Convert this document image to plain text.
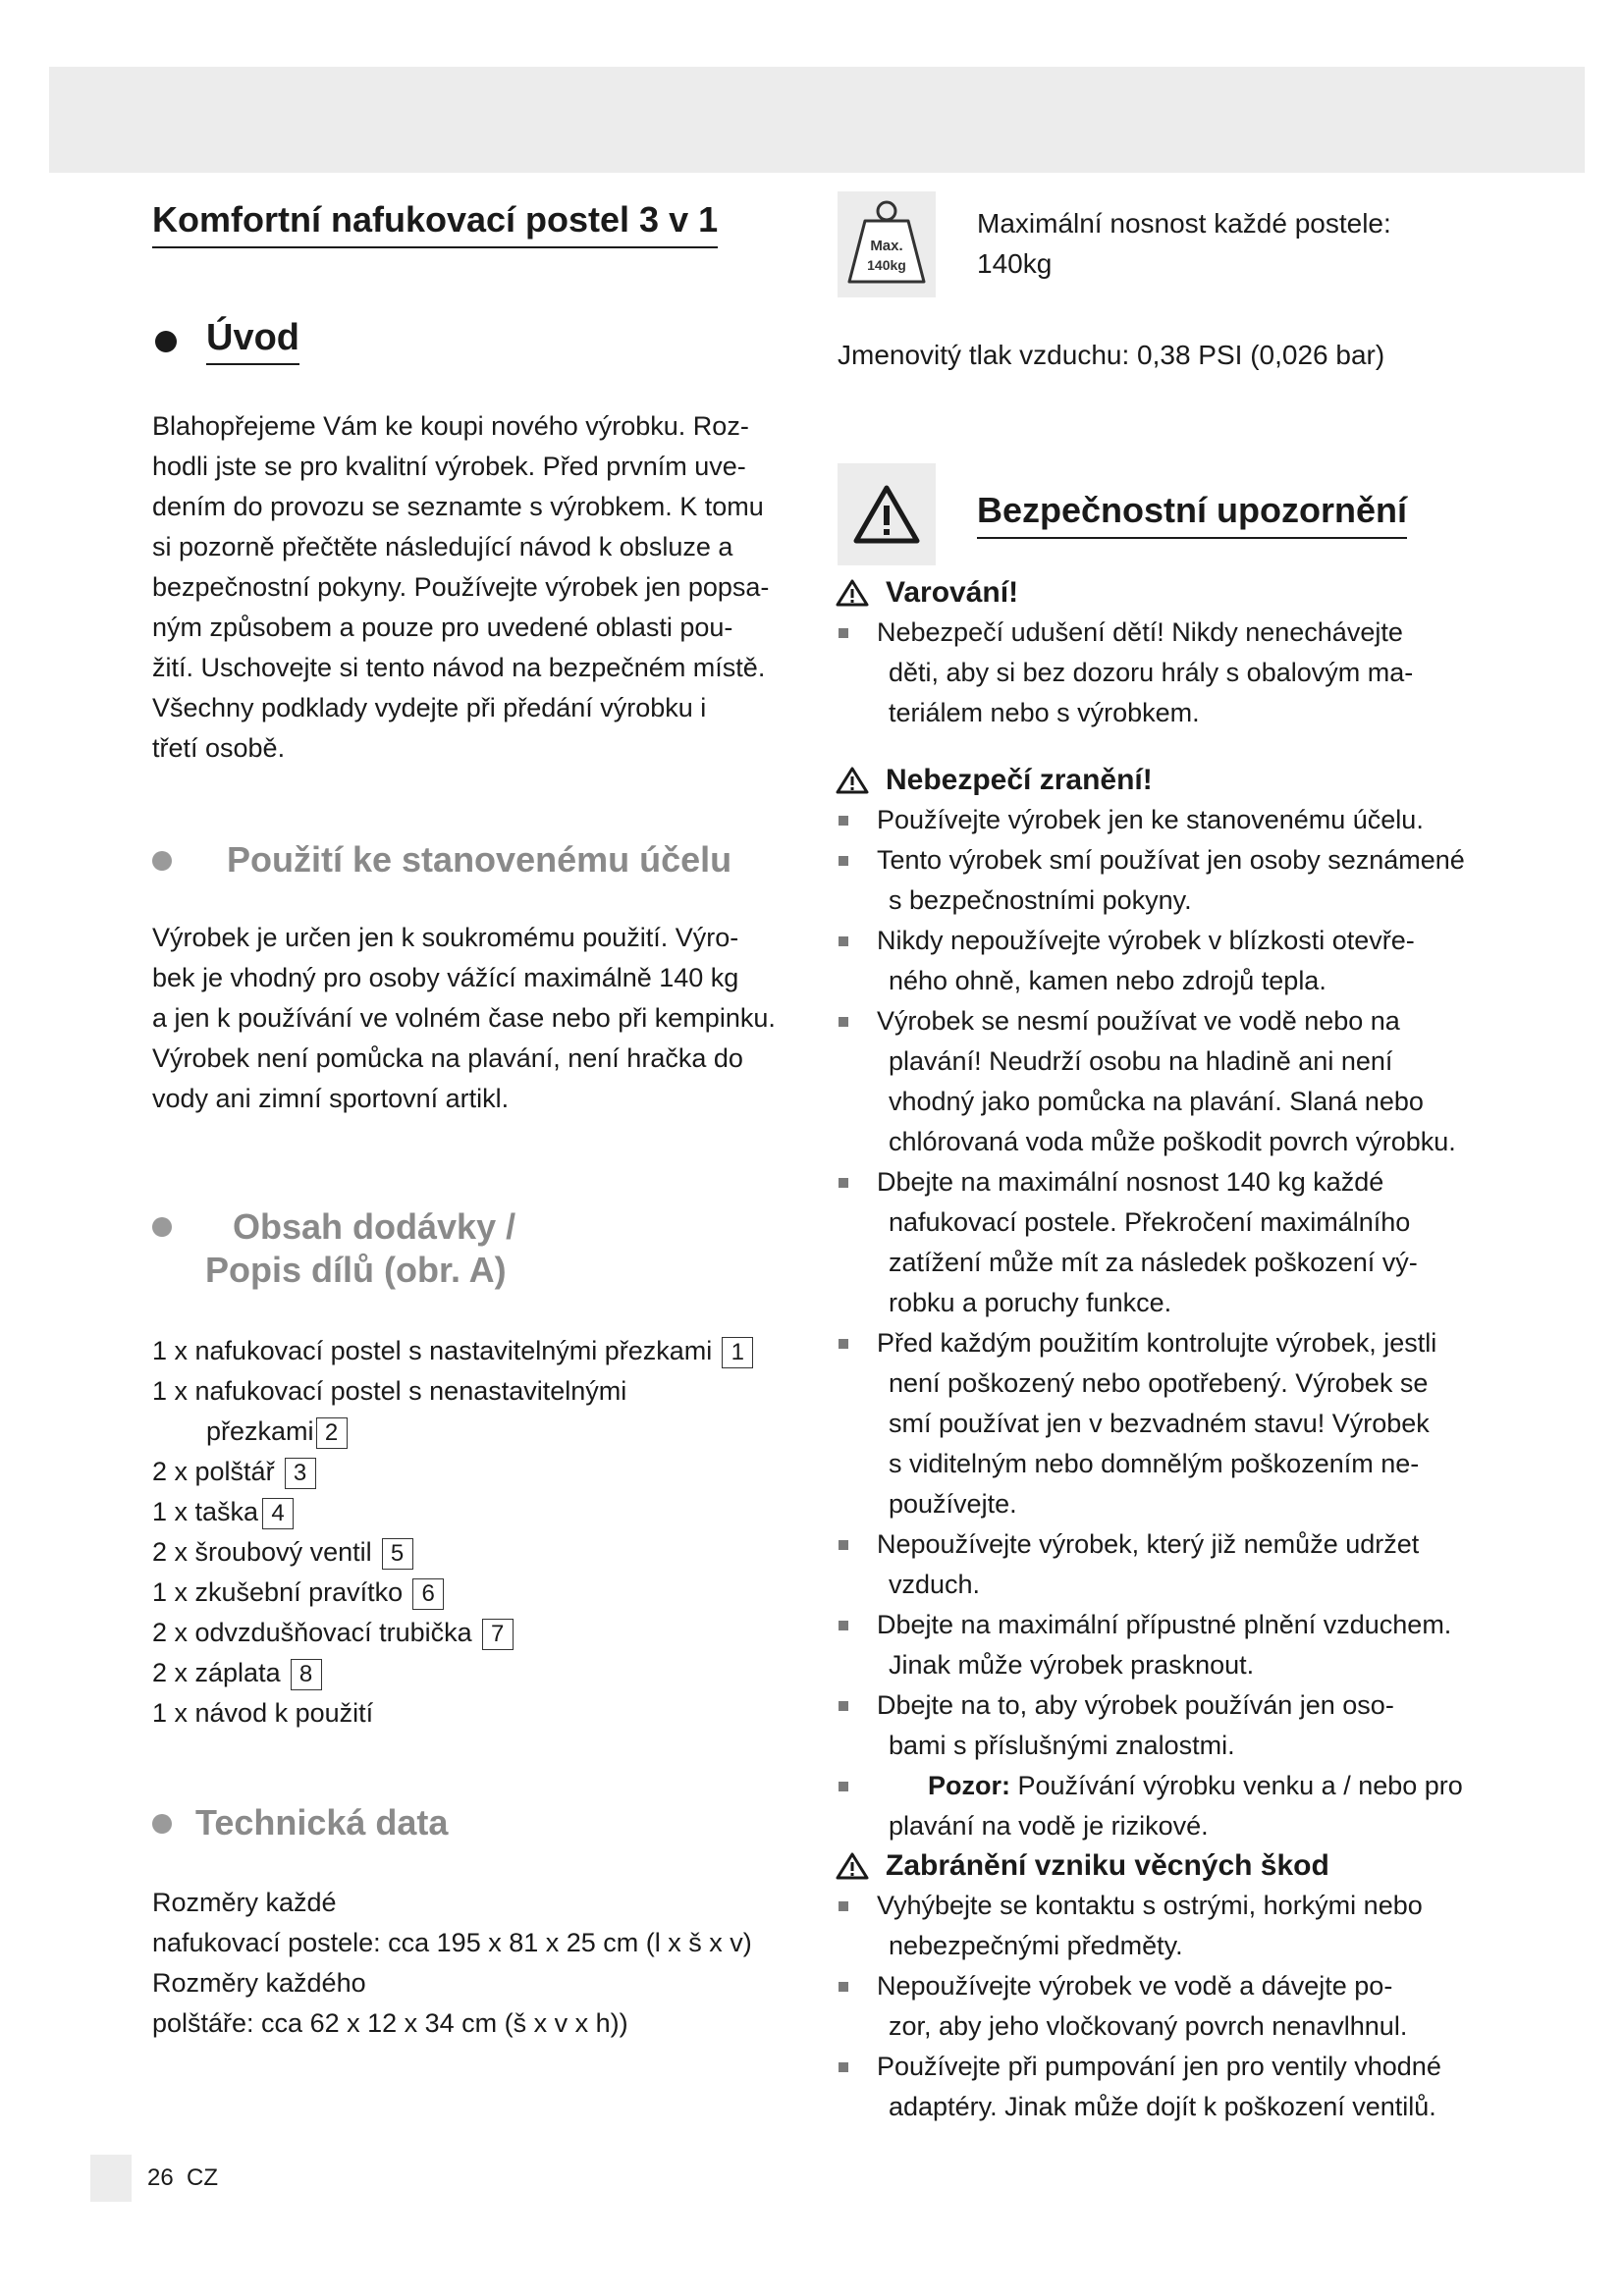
Komfortní nafukovací postel 3 v 1
Úvod

Blahopřejeme Vám ke koupi nového výrobku. Roz-

hodli jste se pro kvalitní výrobek. Před prvním uve-

dením do provozu se seznamte s výrobkem. K tomu

si pozorně přečtěte následující návod k obsluze a

bezpečnostní pokyny. Používejte výrobek jen popsa-

ným způsobem a pouze pro uvedené oblasti pou-

žití. Uschovejte si tento návod na bezpečném místě.

Všechny podklady vydejte při předání výrobku i

třetí osobě.

Použití ke stanovenému účelu

Výrobek je určen jen k soukromému použití. Výro-

bek je vhodný pro osoby vážící maximálně 140 kg

a jen k používání ve volném čase nebo při kempinku.

Výrobek není pomůcka na plavání, není hračka do

vody ani zimní sportovní artikl.

Obsah dodávky /
Popis dílů (obr. A)
1 x nafukovací postel s nastavitelnými přezkami 1
1 x nafukovací postel s nenastavitelnými
přezkami 2
2 x polštář 3
1 x taška 4
2 x šroubový ventil 5
1 x zkušební pravítko 6
2 x odvzdušňovací trubička 7
2 x záplata 8
1 x návod k použití
Technická data

Rozměry každé

nafukovací postele: cca 195 x 81 x 25 cm (l x š x v)

Rozměry každého

polštáře: cca 62 x 12 x 34 cm (š x v x h))

Max.
140kg
Maximální nosnost každé postele:
140kg
Jmenovitý tlak vzduchu: 0,38 PSI (0,026 bar)
Bezpečnostní upozornění
Varování!
Nebezpečí udušení dětí! Nikdy nenechávejte
děti, aby si bez dozoru hrály s obalovým ma-
teriálem nebo s výrobkem.
Nebezpečí zranění!
Používejte výrobek jen ke stanovenému účelu.
Tento výrobek smí používat jen osoby seznámené
s bezpečnostními pokyny.
Nikdy nepoužívejte výrobek v blízkosti otevře-
ného ohně, kamen nebo zdrojů tepla.
Výrobek se nesmí používat ve vodě nebo na
plavání! Neudrží osobu na hladině ani není
vhodný jako pomůcka na plavání. Slaná nebo
chlórovaná voda může poškodit povrch výrobku.
Dbejte na maximální nosnost 140 kg každé
nafukovací postele. Překročení maximálního
zatížení může mít za následek poškození vý-
robku a poruchy funkce.
Před každým použitím kontrolujte výrobek, jestli
není poškozený nebo opotřebený. Výrobek se
smí používat jen v bezvadném stavu! Výrobek
s viditelným nebo domnělým poškozením ne-
používejte.
Nepoužívejte výrobek, který již nemůže udržet
vzduch.
Dbejte na maximální přípustné plnění vzduchem.
Jinak může výrobek prasknout.
Dbejte na to, aby výrobek používán jen oso-
bami s příslušnými znalostmi.
Pozor: Používání výrobku venku a / nebo pro
plavání na vodě je rizikové.
Zabránění vzniku věcných škod
Vyhýbejte se kontaktu s ostrými, horkými nebo
nebezpečnými předměty.
Nepoužívejte výrobek ve vodě a dávejte po-
zor, aby jeho vločkovaný povrch nenavlhnul.
Používejte při pumpování jen pro ventily vhodné
adaptéry. Jinak může dojít k poškození ventilů.
26 CZ
